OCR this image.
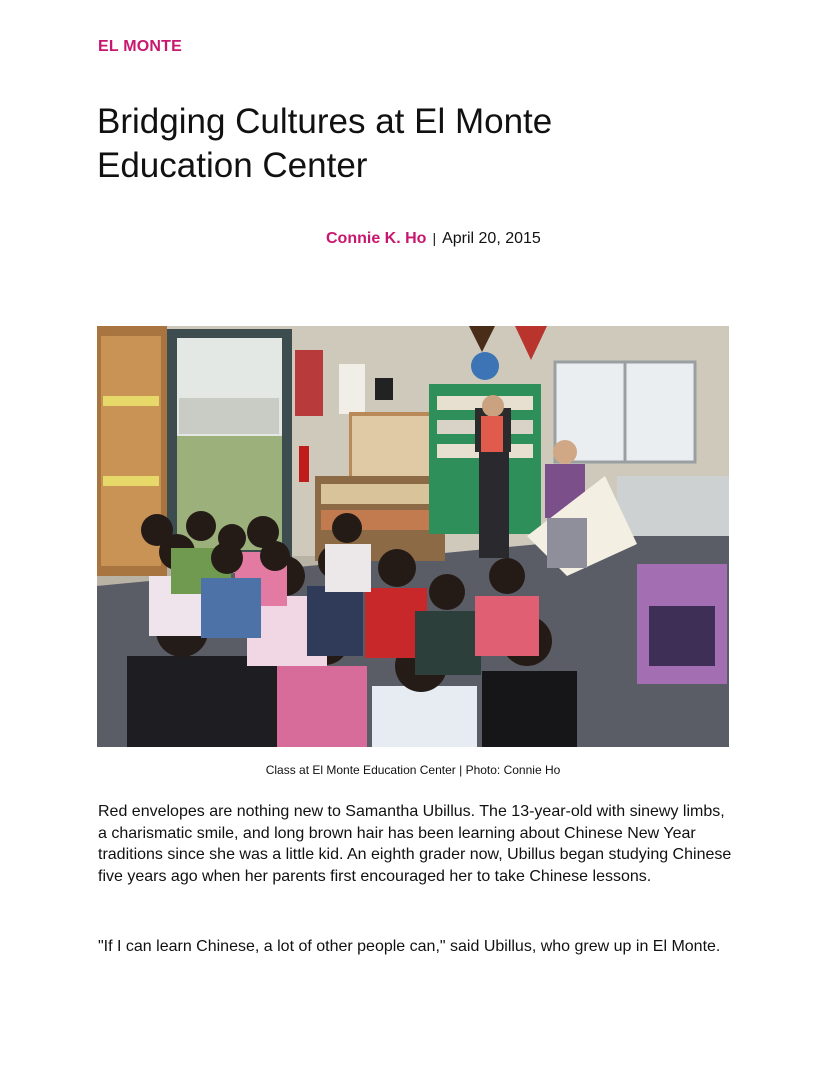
EL MONTE
Bridging Cultures at El Monte Education Center
Connie K. Ho | April 20, 2015
Class at El Monte Education Center | Photo: Connie Ho

Red envelopes are nothing new to Samantha Ubillus. The 13-year-old with sinewy limbs, a charismatic smile, and long brown hair has been learning about Chinese New Year traditions since she was a little kid. An eighth grader now, Ubillus began studying Chinese five years ago when her parents first encouraged her to take Chinese lessons.

"If I can learn Chinese, a lot of other people can," said Ubillus, who grew up in El Monte.
